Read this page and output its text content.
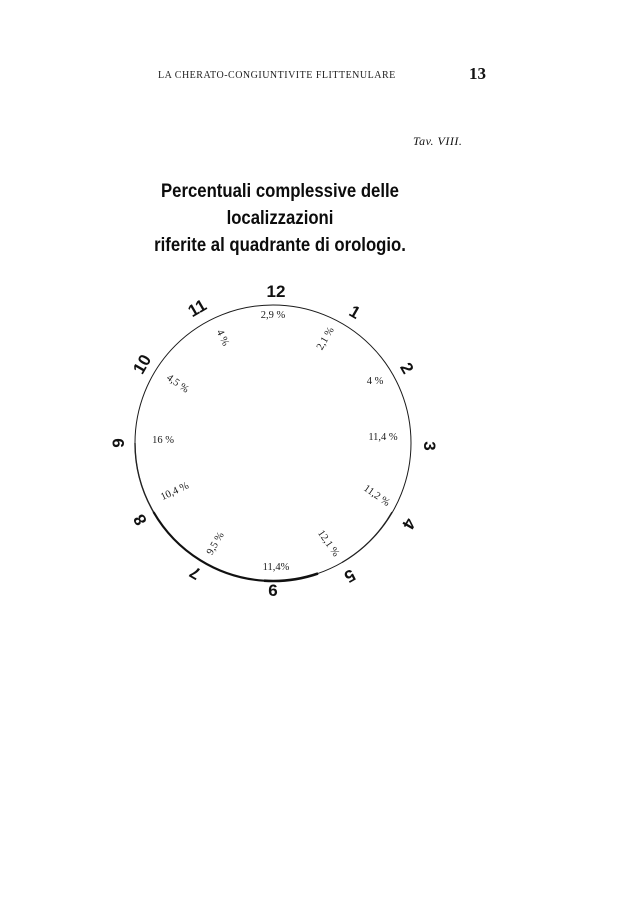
LA CHERATO-CONGIUNTIVITE FLITTENULARE	13
Tav. VIII.
Percentuali complessive delle localizzazioni
riferite al quadrante di orologio.
12
1
2
3
4
5
6
7
8
9
10
11	2,9 %
2,1 %
4 %
11,4 %
11,2 %
12,1 %
11,4%
9,5 %
10,4 %
16 %
4,5 %
4 %
